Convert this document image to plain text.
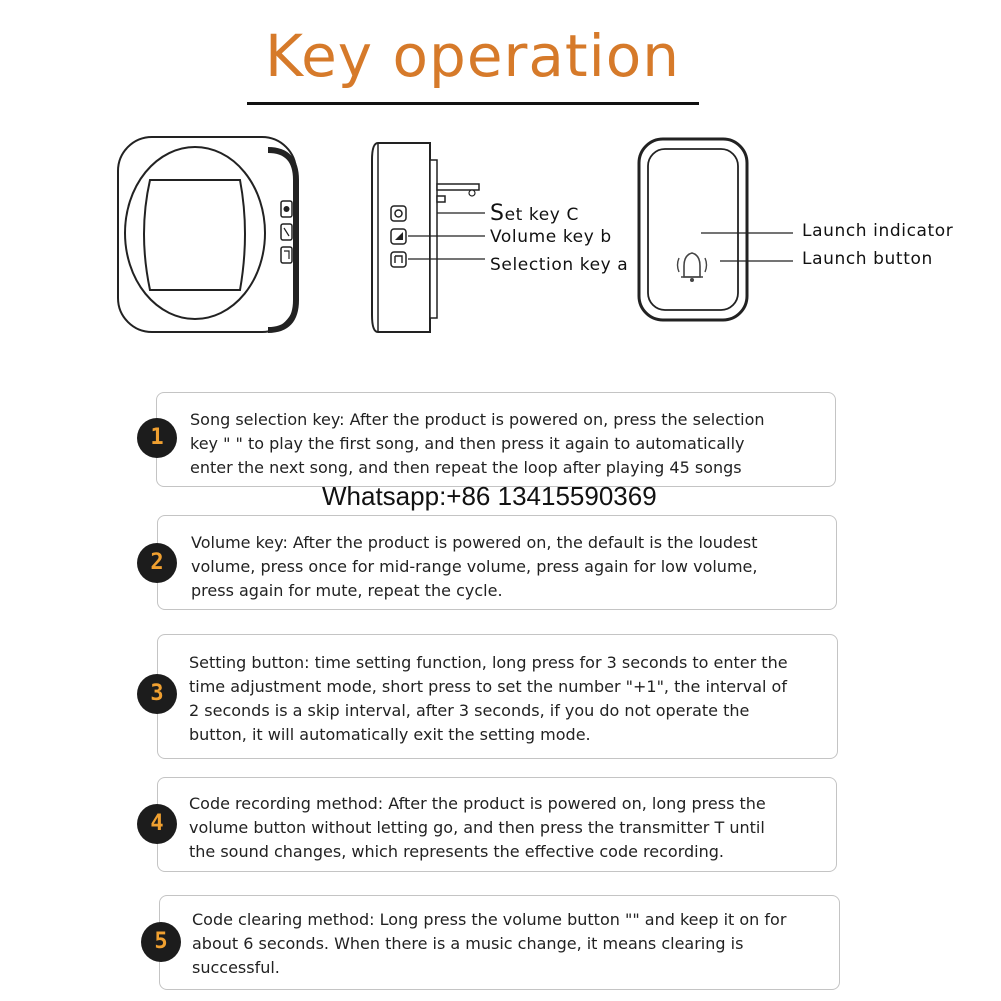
Key operation
Set key C
Volume key b
Selection key a
Launch indicator
Launch button
Song selection key: After the product is powered on, press the selection
key " " to play the first song, and then press it again to automatically
enter the next song, and then repeat the loop after playing 45 songs
1
Whatsapp:+86 13415590369
Volume key: After the product is powered on, the default is the loudest
volume, press once for mid-range volume, press again for low volume,
press again for mute, repeat the cycle.
2
Setting button: time setting function, long press for 3 seconds to enter the
time adjustment mode, short press to set the number "+1", the interval of
2 seconds is a skip interval, after 3 seconds, if you do not operate the
button, it will automatically exit the setting mode.
3
Code recording method: After the product is powered on, long press the
volume button without letting go, and then press the transmitter T until
the sound changes, which represents the effective code recording.
4
Code clearing method: Long press the volume button "" and keep it on for
about 6 seconds. When there is a music change, it means clearing is
successful.
5
